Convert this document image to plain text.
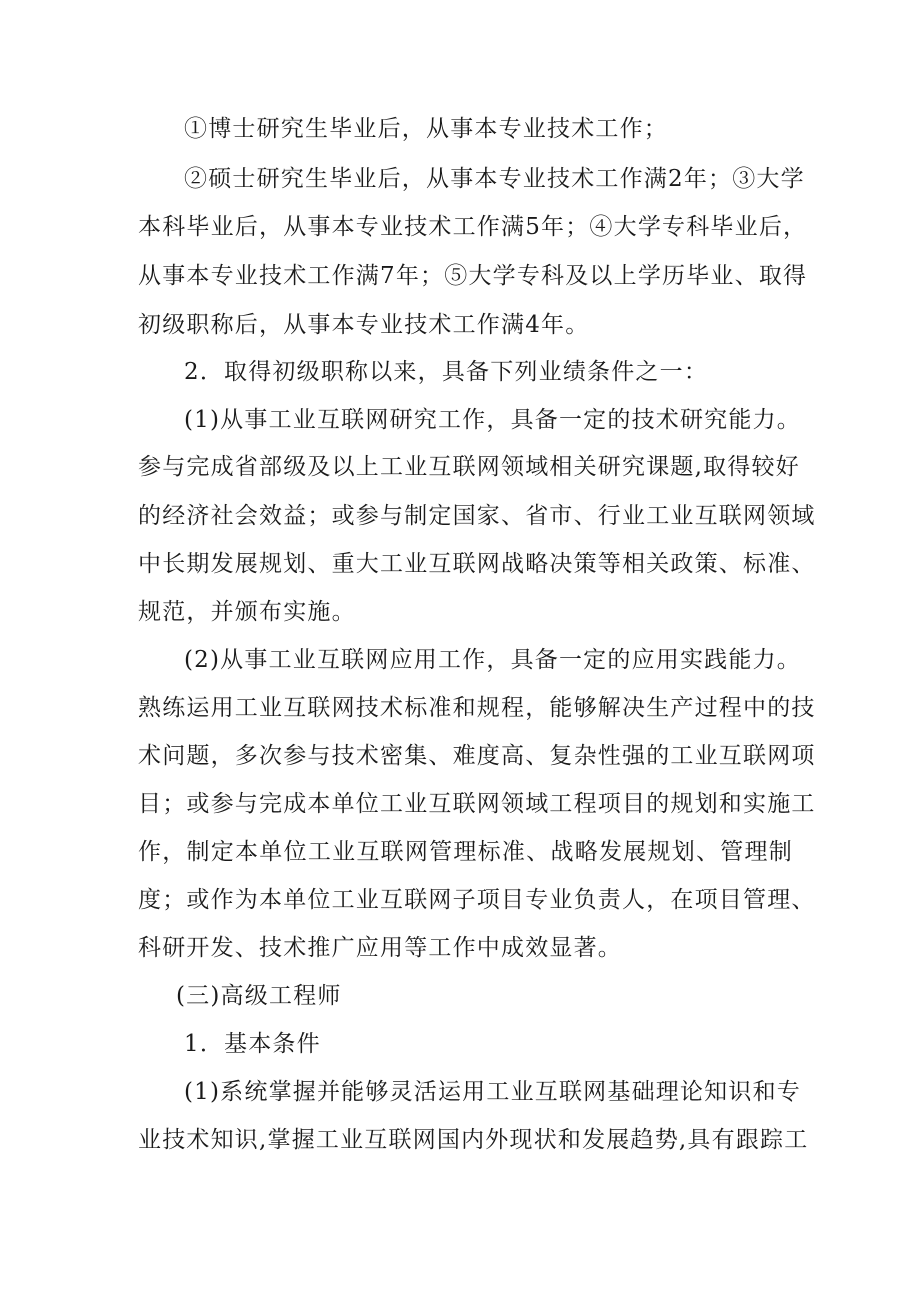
①博士研究生毕业后，从事本专业技术工作；
②硕士研究生毕业后，从事本专业技术工作满2年；③大学
本科毕业后，从事本专业技术工作满5年；④大学专科毕业后，
从事本专业技术工作满7年；⑤大学专科及以上学历毕业、取得
初级职称后，从事本专业技术工作满4年。
2．取得初级职称以来，具备下列业绩条件之一：
(1)从事工业互联网研究工作，具备一定的技术研究能力。
参与完成省部级及以上工业互联网领域相关研究课题,取得较好
的经济社会效益；或参与制定国家、省市、行业工业互联网领域
中长期发展规划、重大工业互联网战略决策等相关政策、标准、
规范，并颁布实施。
(2)从事工业互联网应用工作，具备一定的应用实践能力。
熟练运用工业互联网技术标准和规程，能够解决生产过程中的技
术问题，多次参与技术密集、难度高、复杂性强的工业互联网项
目；或参与完成本单位工业互联网领域工程项目的规划和实施工
作，制定本单位工业互联网管理标准、战略发展规划、管理制
度；或作为本单位工业互联网子项目专业负责人，在项目管理、
科研开发、技术推广应用等工作中成效显著。
(三)高级工程师
1．基本条件
(1)系统掌握并能够灵活运用工业互联网基础理论知识和专
业技术知识,掌握工业互联网国内外现状和发展趋势,具有跟踪工
